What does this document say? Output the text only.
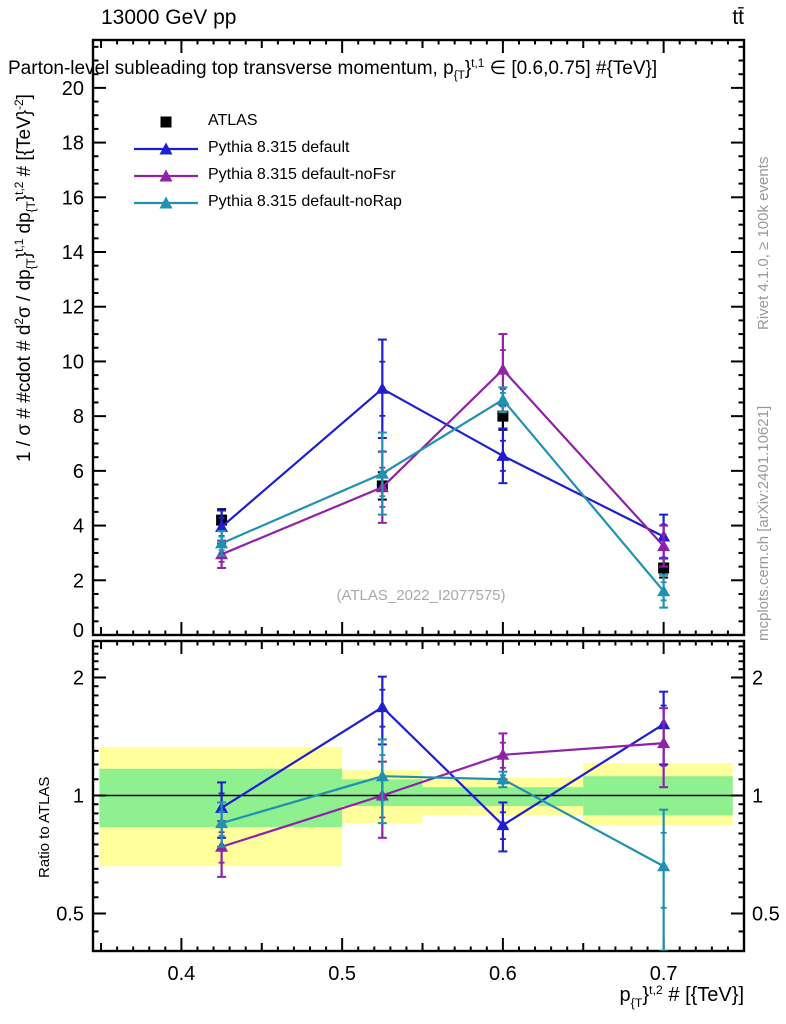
13000 GeV pp	tt̄
0
2
4
6
8
10
12
14
16
18
20
0.5	0.5
1	1
2	2
0.4	0.5	0.6	0.7
Parton-level subleading top transverse momentum, $p_{\{T}\}^{t,1}$ ∈ [0.6,0.75] #{TeV}]
1 / σ # #cdot # $d^2\sigma / dp_{\{T}\}^{t,1}$ $dp_{\{T}\}^{t,2}$ # [{TeV}$^{-2}$]
Ratio to ATLAS
Rivet 4.1.0, ≥ 100k events
mcplots.cern.ch [arXiv:2401.10621]
(ATLAS_2022_I2077575)
$p_{\{T}\}^{t,2}$ # [{TeV}]
ATLAS
Pythia 8.315 default
Pythia 8.315 default-noFsr
Pythia 8.315 default-noRap
